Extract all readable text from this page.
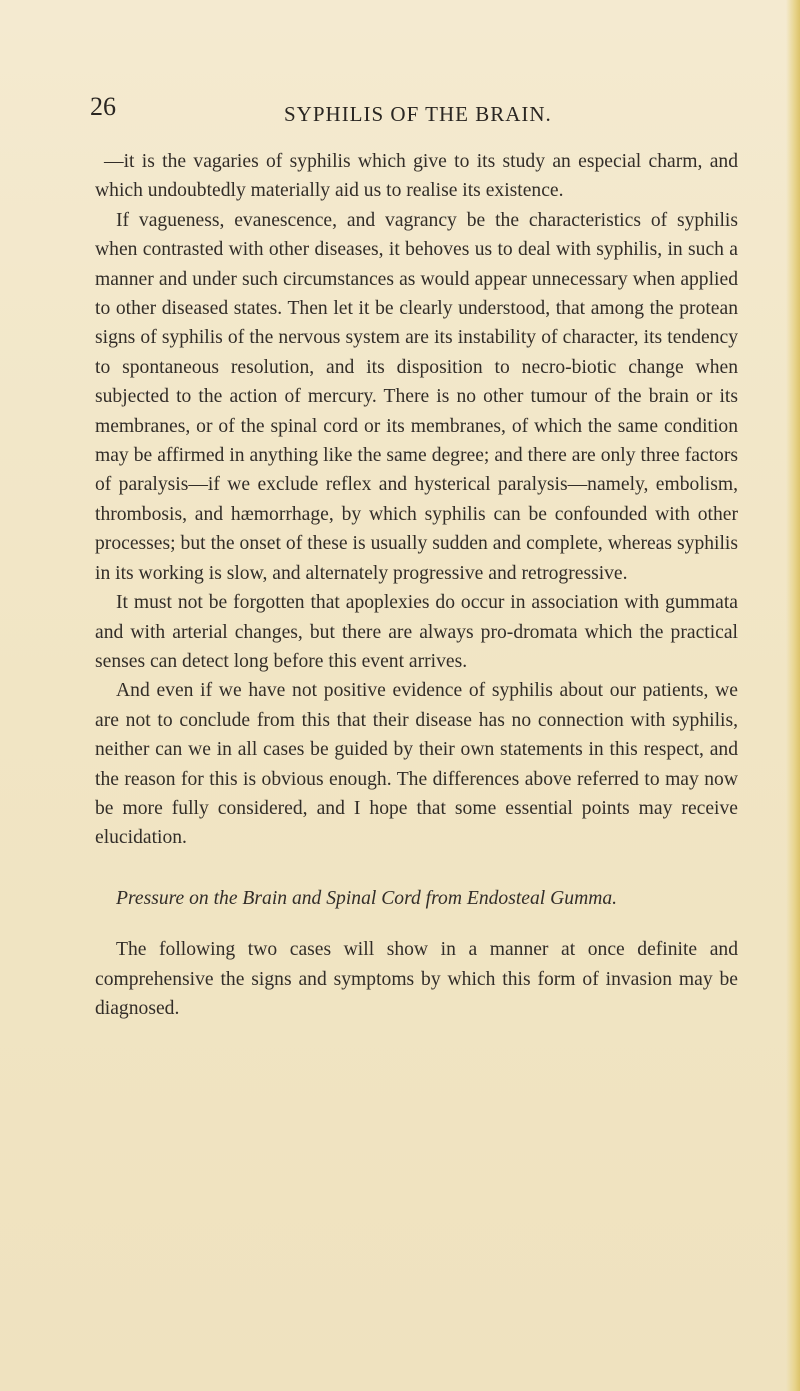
26	SYPHILIS OF THE BRAIN.

—it is the vagaries of syphilis which give to its study an especial charm, and which undoubtedly materially aid us to realise its existence.

If vagueness, evanescence, and vagrancy be the characteristics of syphilis when contrasted with other diseases, it behoves us to deal with syphilis, in such a manner and under such circumstances as would appear unnecessary when applied to other diseased states. Then let it be clearly understood, that among the protean signs of syphilis of the nervous system are its instability of character, its tendency to spontaneous resolution, and its disposition to necro-biotic change when subjected to the action of mercury. There is no other tumour of the brain or its membranes, or of the spinal cord or its membranes, of which the same condition may be affirmed in anything like the same degree; and there are only three factors of paralysis—if we exclude reflex and hysterical paralysis—namely, embolism, thrombosis, and hæmorrhage, by which syphilis can be confounded with other processes; but the onset of these is usually sudden and complete, whereas syphilis in its working is slow, and alternately progressive and retrogressive.

It must not be forgotten that apoplexies do occur in association with gummata and with arterial changes, but there are always pro-dromata which the practical senses can detect long before this event arrives.

And even if we have not positive evidence of syphilis about our patients, we are not to conclude from this that their disease has no connection with syphilis, neither can we in all cases be guided by their own statements in this respect, and the reason for this is obvious enough. The differences above referred to may now be more fully considered, and I hope that some essential points may receive elucidation.

Pressure on the Brain and Spinal Cord from Endosteal Gumma.

The following two cases will show in a manner at once definite and comprehensive the signs and symptoms by which this form of invasion may be diagnosed.
